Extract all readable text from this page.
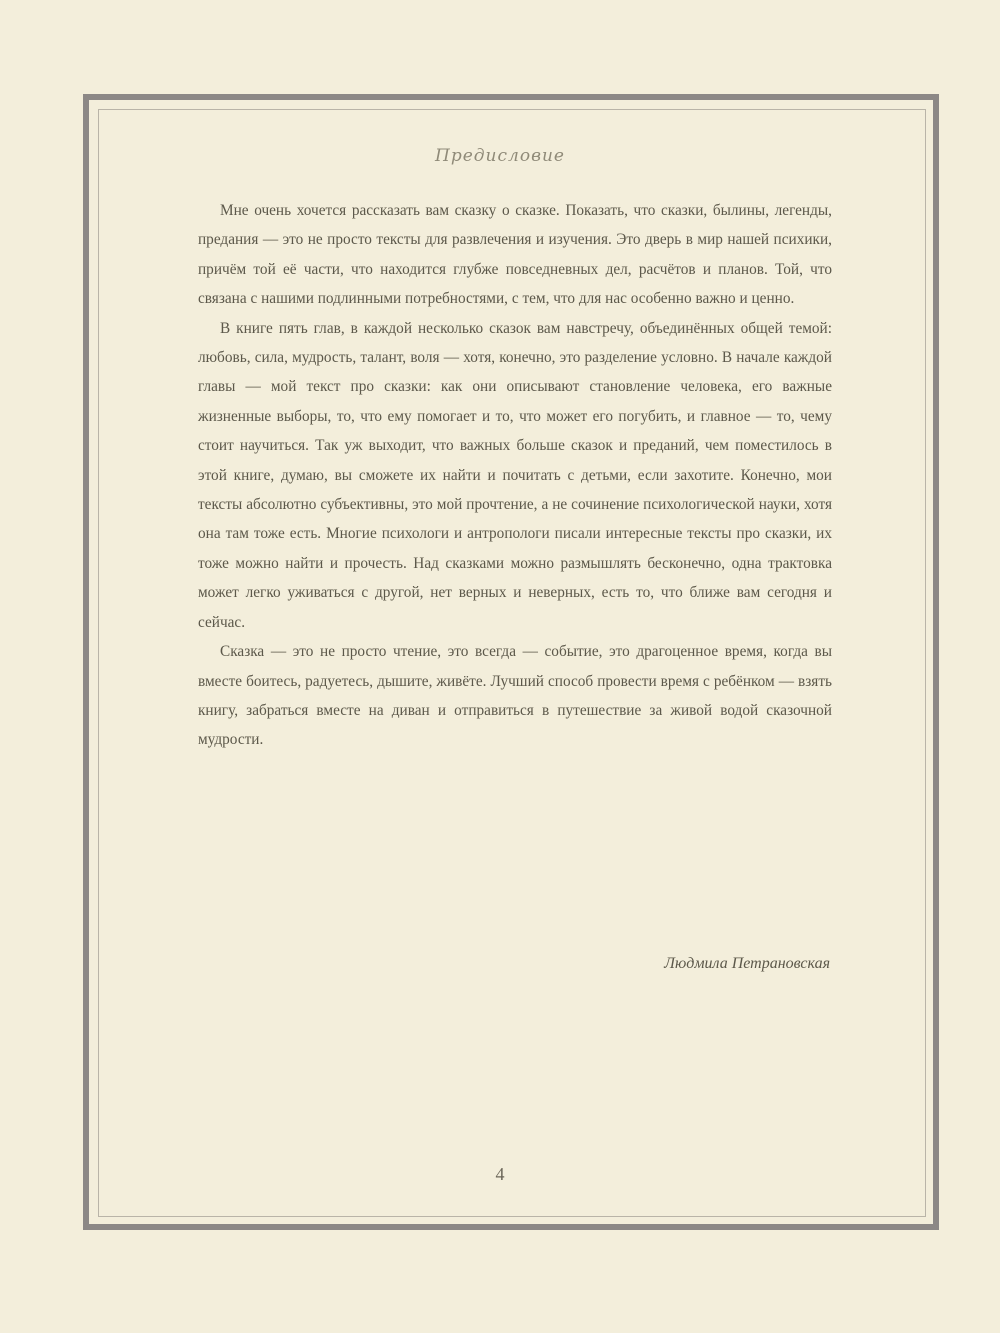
Предисловие

Мне очень хочется рассказать вам сказку о сказке. Показать, что сказки, былины, легенды, предания — это не просто тексты для развлечения и изучения. Это дверь в мир нашей психики, причём той её части, что находится глубже повседневных дел, расчётов и планов. Той, что связана с нашими подлинными потребностями, с тем, что для нас особенно важно и ценно.

В книге пять глав, в каждой несколько сказок вам навстречу, объединённых общей темой: любовь, сила, мудрость, талант, воля — хотя, конечно, это разделение условно. В начале каждой главы — мой текст про сказки: как они описывают становление человека, его важные жизненные выборы, то, что ему помогает и то, что может его погубить, и главное — то, чему стоит научиться. Так уж выходит, что важных больше сказок и преданий, чем поместилось в этой книге, думаю, вы сможете их найти и почитать с детьми, если захотите. Конечно, мои тексты абсолютно субъективны, это мой прочтение, а не сочинение психологической науки, хотя она там тоже есть. Многие психологи и антропологи писали интересные тексты про сказки, их тоже можно найти и прочесть. Над сказками можно размышлять бесконечно, одна трактовка может легко уживаться с другой, нет верных и неверных, есть то, что ближе вам сегодня и сейчас.

Сказка — это не просто чтение, это всегда — событие, это драгоценное время, когда вы вместе боитесь, радуетесь, дышите, живёте. Лучший способ провести время с ребёнком — взять книгу, забраться вместе на диван и отправиться в путешествие за живой водой сказочной мудрости.

Людмила Петрановская
4
